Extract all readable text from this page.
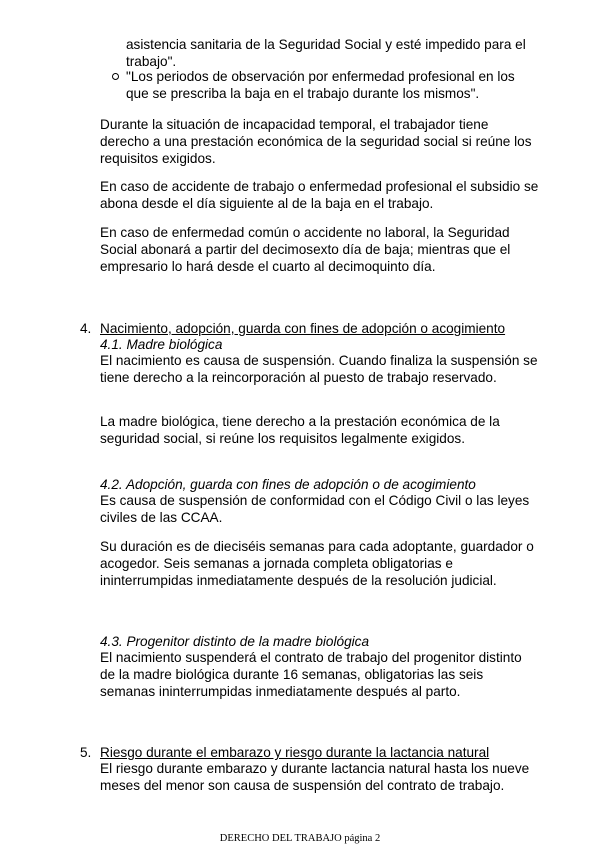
asistencia sanitaria de la Seguridad Social y esté impedido para el trabajo".

"Los periodos de observación por enfermedad profesional en los que se prescriba la baja en el trabajo durante los mismos".

Durante la situación de incapacidad temporal, el trabajador tiene derecho a una prestación económica de la seguridad social si reúne los requisitos exigidos.

En caso de accidente de trabajo o enfermedad profesional el subsidio se abona desde el día siguiente al de la baja en el trabajo.

En caso de enfermedad común o accidente no laboral, la Seguridad Social abonará a partir del decimosexto día de baja; mientras que el empresario lo hará desde el cuarto al decimoquinto día.

4. Nacimiento, adopción, guarda con fines de adopción o acogimiento

4.1. Madre biológica

El nacimiento es causa de suspensión. Cuando finaliza la suspensión se tiene derecho a la reincorporación al puesto de trabajo reservado.

La madre biológica, tiene derecho a la prestación económica de la seguridad social, si reúne los requisitos legalmente exigidos.

4.2. Adopción, guarda con fines de adopción o de acogimiento

Es causa de suspensión de conformidad con el Código Civil o las leyes civiles de las CCAA.

Su duración es de dieciséis semanas para cada adoptante, guardador o acogedor. Seis semanas a jornada completa obligatorias e ininterrumpidas inmediatamente después de la resolución judicial.

4.3. Progenitor distinto de la madre biológica

El nacimiento suspenderá el contrato de trabajo del progenitor distinto de la madre biológica durante 16 semanas, obligatorias las seis semanas ininterrumpidas inmediatamente después al parto.

5. Riesgo durante el embarazo y riesgo durante la lactancia natural

El riesgo durante embarazo y durante lactancia natural hasta los nueve meses del menor son causa de suspensión del contrato de trabajo.

DERECHO DEL TRABAJO página 2
